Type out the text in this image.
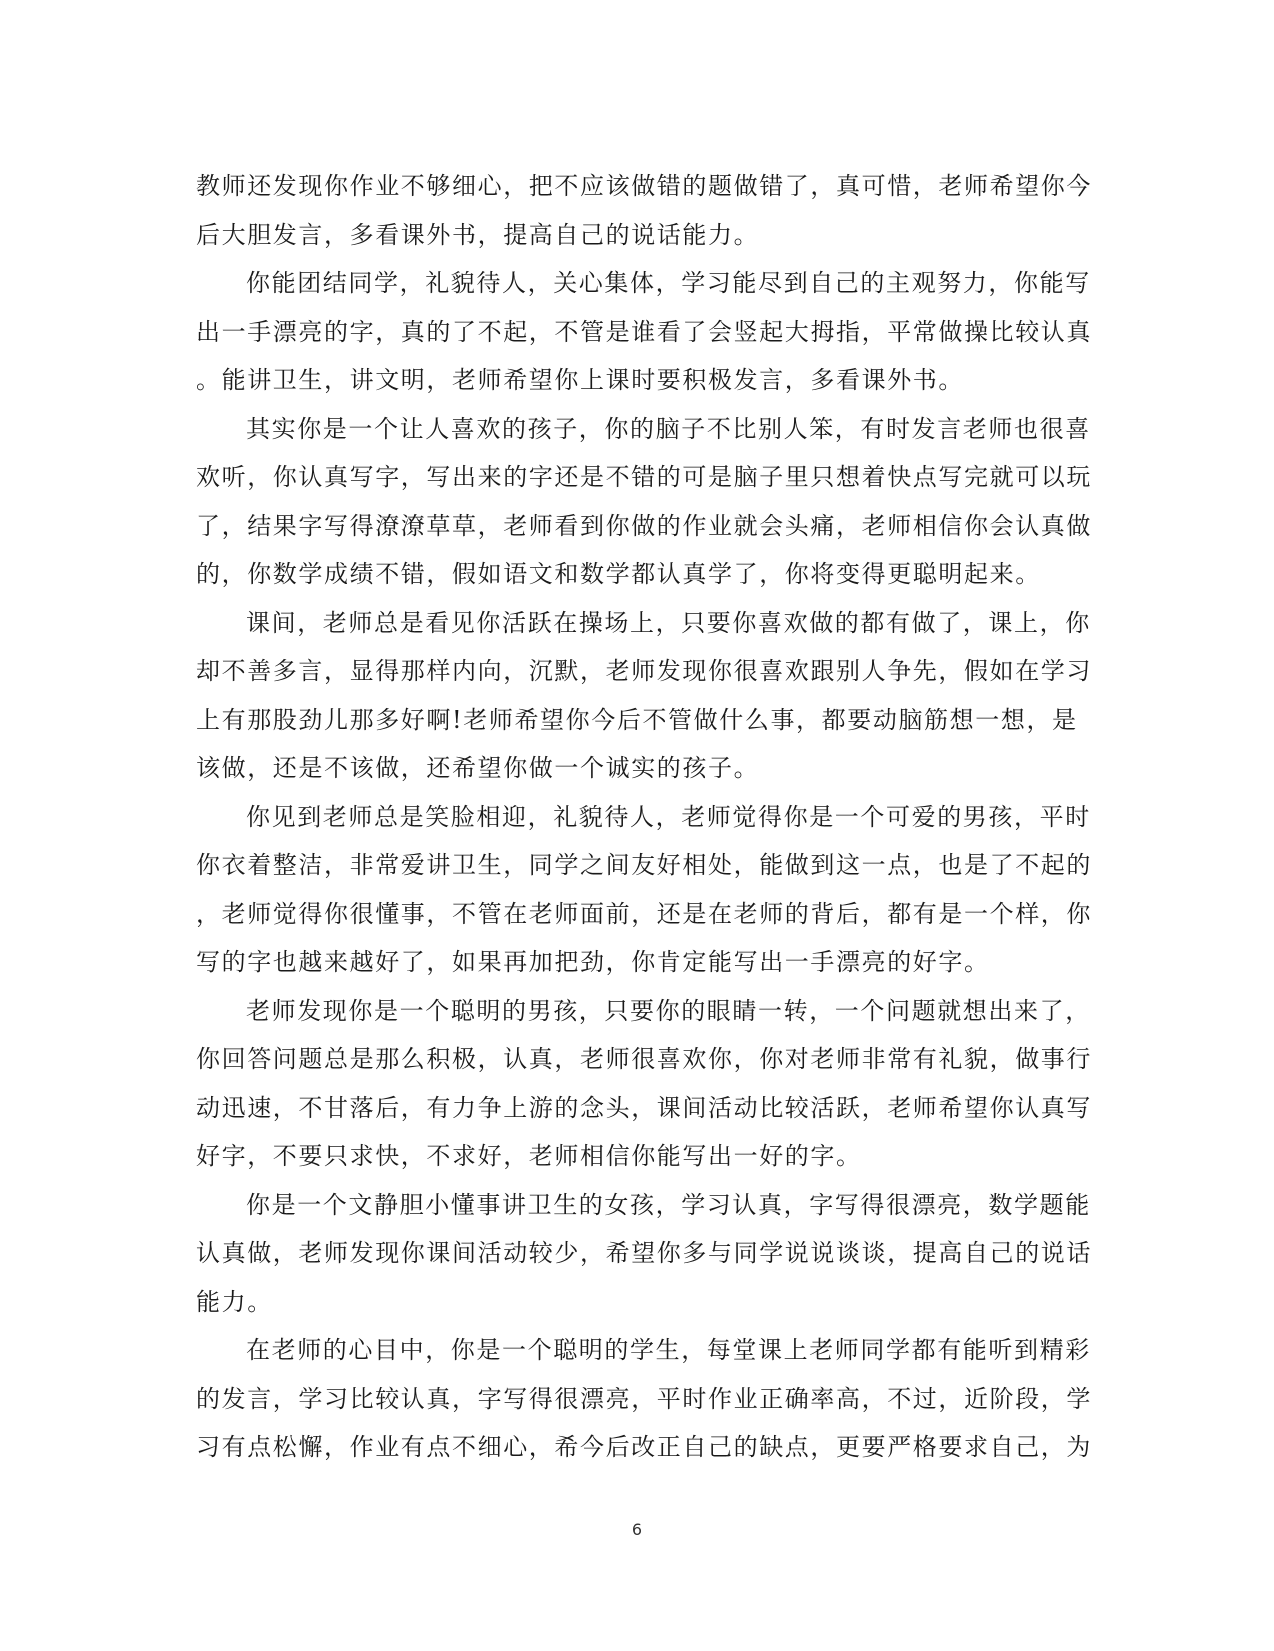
教师还发现你作业不够细心，把不应该做错的题做错了，真可惜，老师希望你今
后大胆发言，多看课外书，提高自己的说话能力。
你能团结同学，礼貌待人，关心集体，学习能尽到自己的主观努力，你能写
出一手漂亮的字，真的了不起，不管是谁看了会竖起大拇指，平常做操比较认真
。能讲卫生，讲文明，老师希望你上课时要积极发言，多看课外书。
其实你是一个让人喜欢的孩子，你的脑子不比别人笨，有时发言老师也很喜
欢听，你认真写字，写出来的字还是不错的可是脑子里只想着快点写完就可以玩
了，结果字写得潦潦草草，老师看到你做的作业就会头痛，老师相信你会认真做
的，你数学成绩不错，假如语文和数学都认真学了，你将变得更聪明起来。
课间，老师总是看见你活跃在操场上，只要你喜欢做的都有做了，课上，你
却不善多言，显得那样内向，沉默，老师发现你很喜欢跟别人争先，假如在学习
上有那股劲儿那多好啊!老师希望你今后不管做什么事，都要动脑筋想一想，是
该做，还是不该做，还希望你做一个诚实的孩子。
你见到老师总是笑脸相迎，礼貌待人，老师觉得你是一个可爱的男孩，平时
你衣着整洁，非常爱讲卫生，同学之间友好相处，能做到这一点，也是了不起的
，老师觉得你很懂事，不管在老师面前，还是在老师的背后，都有是一个样，你
写的字也越来越好了，如果再加把劲，你肯定能写出一手漂亮的好字。
老师发现你是一个聪明的男孩，只要你的眼睛一转，一个问题就想出来了，
你回答问题总是那么积极，认真，老师很喜欢你，你对老师非常有礼貌，做事行
动迅速，不甘落后，有力争上游的念头，课间活动比较活跃，老师希望你认真写
好字，不要只求快，不求好，老师相信你能写出一好的字。
你是一个文静胆小懂事讲卫生的女孩，学习认真，字写得很漂亮，数学题能
认真做，老师发现你课间活动较少，希望你多与同学说说谈谈，提高自己的说话
能力。
在老师的心目中，你是一个聪明的学生，每堂课上老师同学都有能听到精彩
的发言，学习比较认真，字写得很漂亮，平时作业正确率高，不过，近阶段，学
习有点松懈，作业有点不细心，希今后改正自己的缺点，更要严格要求自己，为
6
